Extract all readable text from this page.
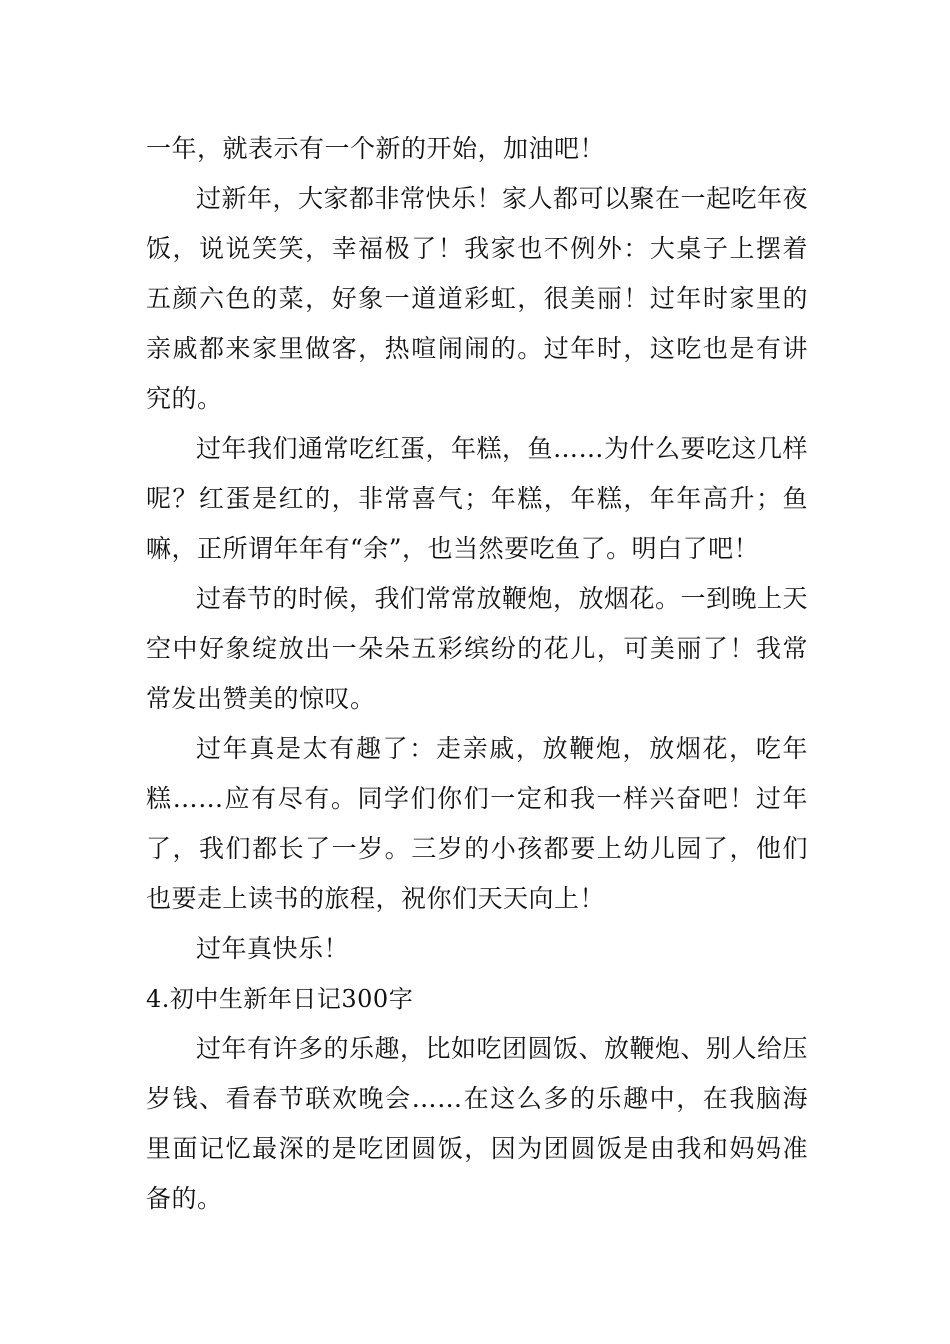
一年，就表示有一个新的开始，加油吧！

过新年，大家都非常快乐！家人都可以聚在一起吃年夜饭，说说笑笑，幸福极了！我家也不例外：大桌子上摆着五颜六色的菜，好象一道道彩虹，很美丽！过年时家里的亲戚都来家里做客，热喧闹闹的。过年时，这吃也是有讲究的。

过年我们通常吃红蛋，年糕，鱼……为什么要吃这几样呢？红蛋是红的，非常喜气；年糕，年糕，年年高升；鱼嘛，正所谓年年有“余”，也当然要吃鱼了。明白了吧！

过春节的时候，我们常常放鞭炮，放烟花。一到晚上天空中好象绽放出一朵朵五彩缤纷的花儿，可美丽了！我常常发出赞美的惊叹。

过年真是太有趣了：走亲戚，放鞭炮，放烟花，吃年糕……应有尽有。同学们你们一定和我一样兴奋吧！过年了，我们都长了一岁。三岁的小孩都要上幼儿园了，他们也要走上读书的旅程，祝你们天天向上！

过年真快乐！

4.初中生新年日记300字

过年有许多的乐趣，比如吃团圆饭、放鞭炮、别人给压岁钱、看春节联欢晚会……在这么多的乐趣中，在我脑海里面记忆最深的是吃团圆饭，因为团圆饭是由我和妈妈准备的。
